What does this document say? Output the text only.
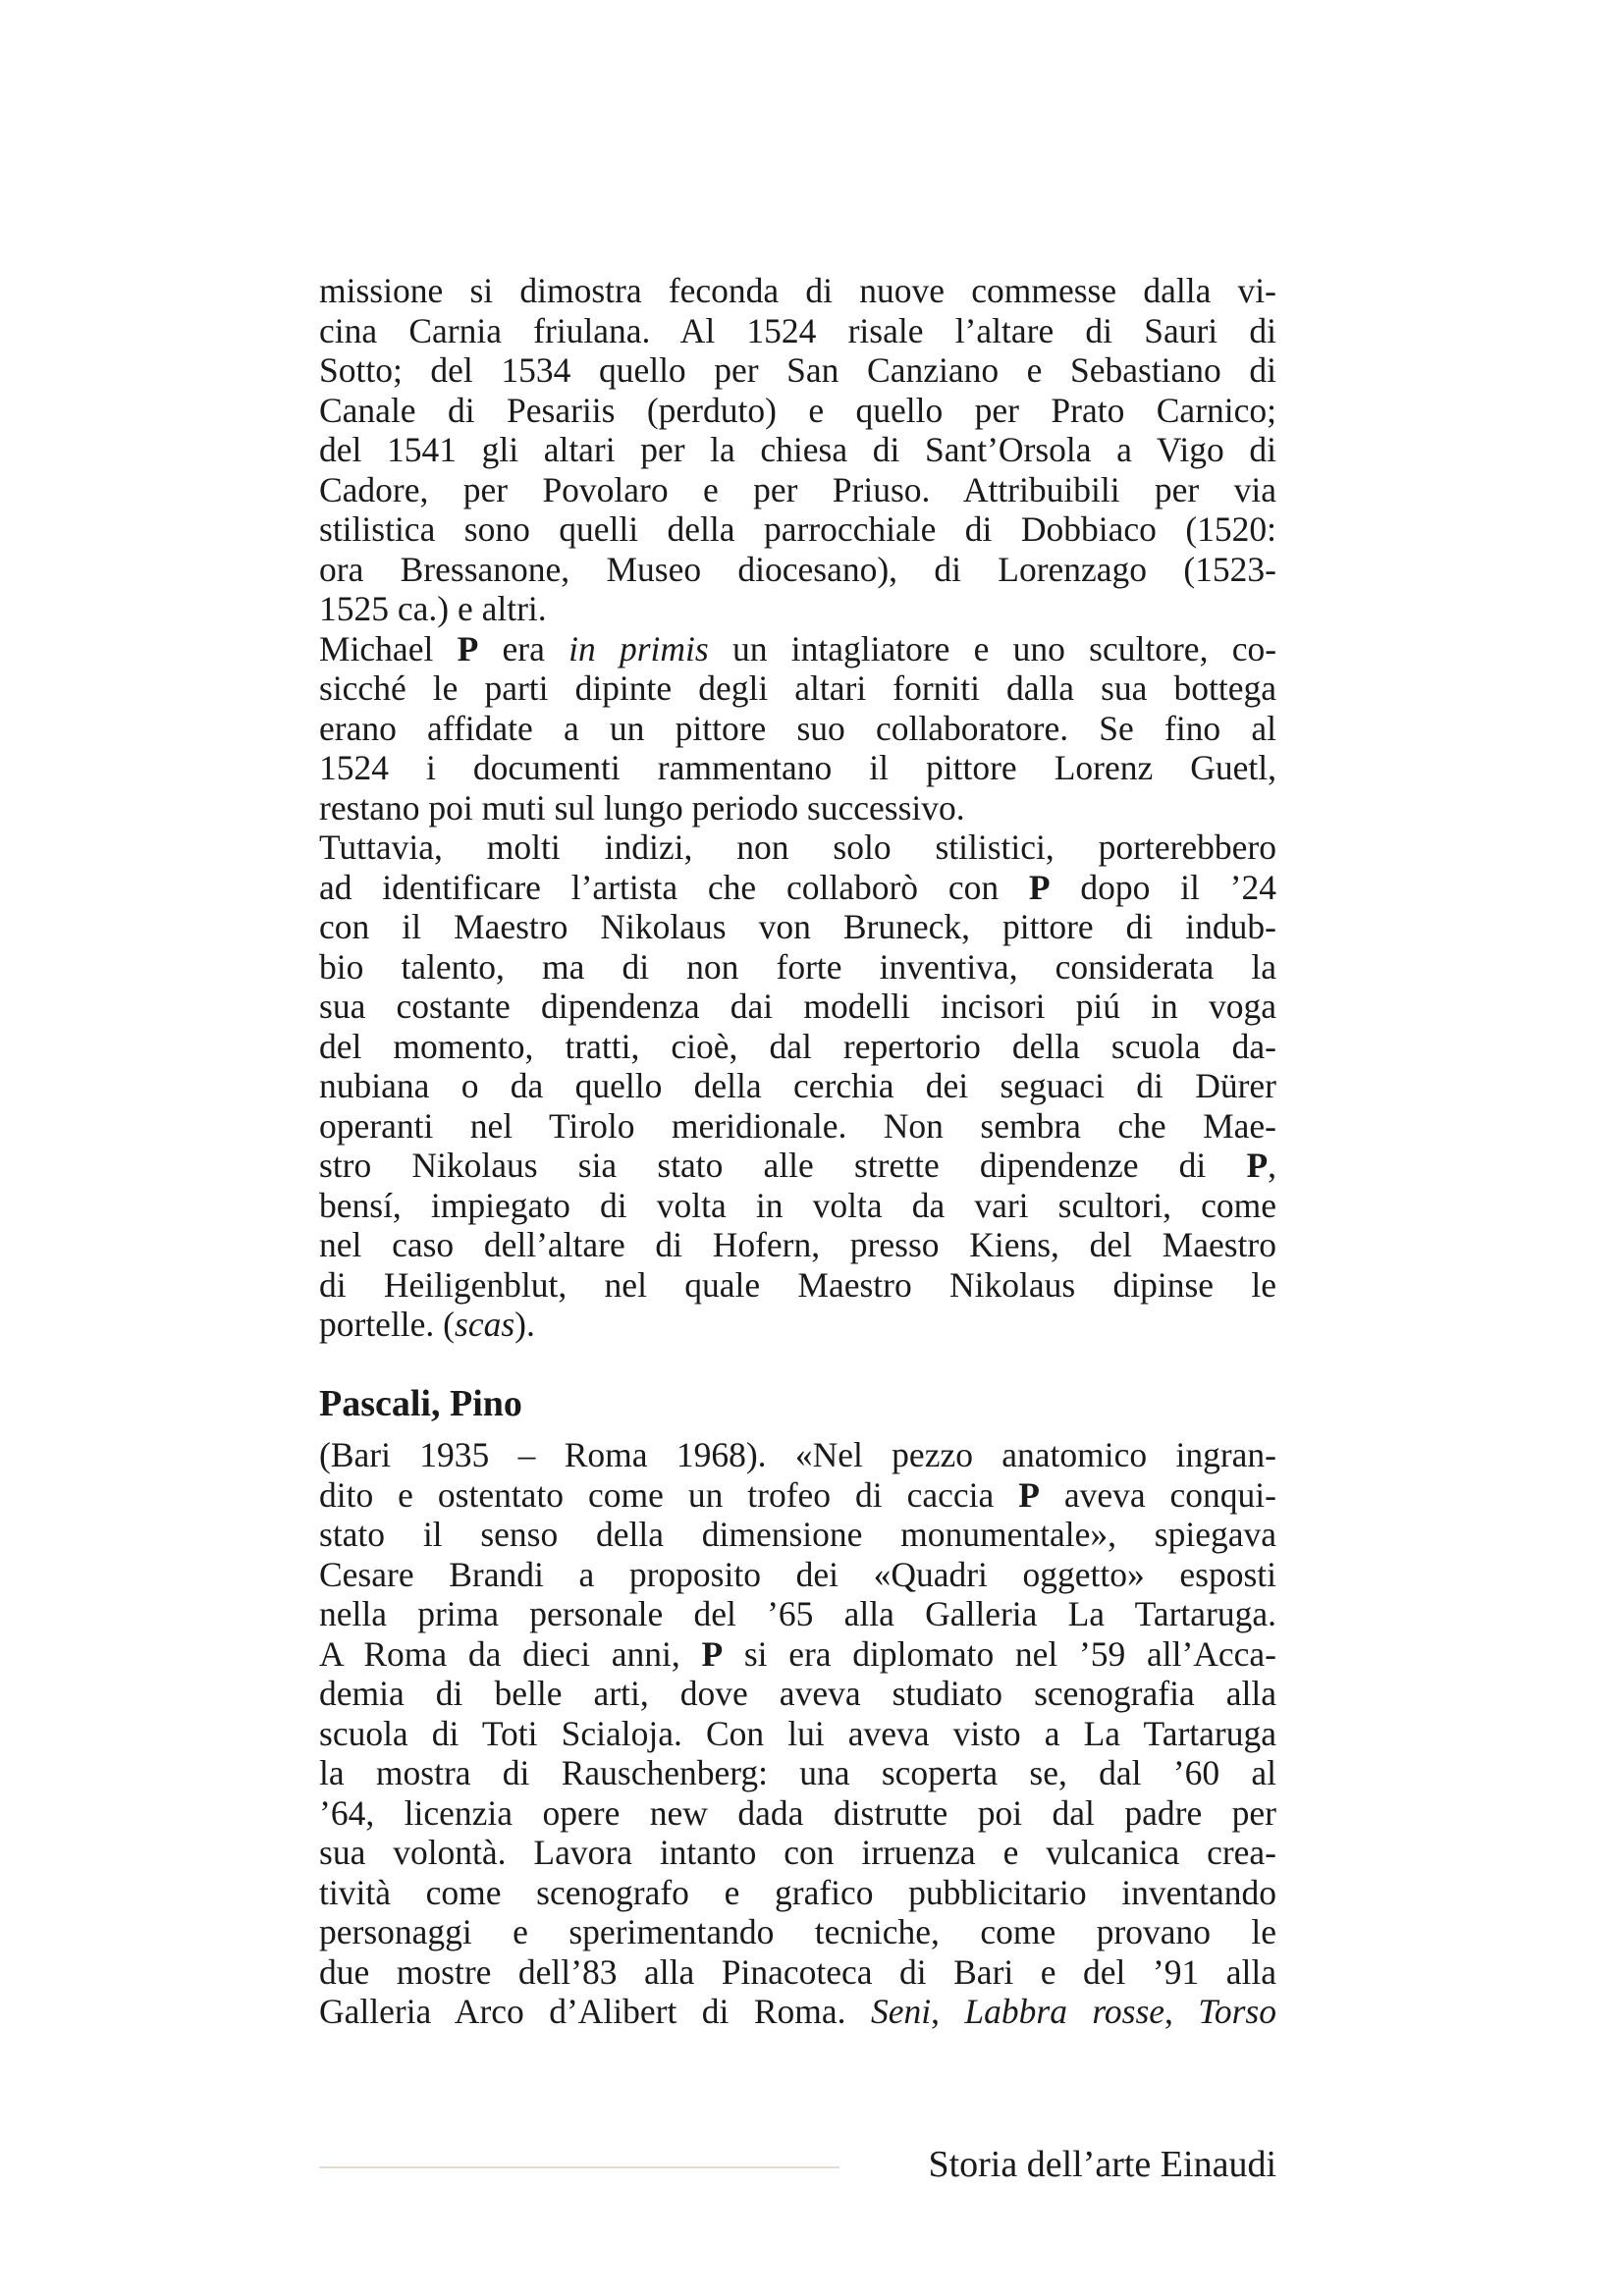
missione si dimostra feconda di nuove commesse dalla vi-
cina Carnia friulana. Al 1524 risale l’altare di Sauri di
Sotto; del 1534 quello per San Canziano e Sebastiano di
Canale di Pesariis (perduto) e quello per Prato Carnico;
del 1541 gli altari per la chiesa di Sant’Orsola a Vigo di
Cadore, per Povolaro e per Priuso. Attribuibili per via
stilistica sono quelli della parrocchiale di Dobbiaco (1520:
ora Bressanone, Museo diocesano), di Lorenzago (1523-
1525 ca.) e altri.
Michael P era in primis un intagliatore e uno scultore, co-
sicché le parti dipinte degli altari forniti dalla sua bottega
erano affidate a un pittore suo collaboratore. Se fino al
1524 i documenti rammentano il pittore Lorenz Guetl,
restano poi muti sul lungo periodo successivo.
Tuttavia, molti indizi, non solo stilistici, porterebbero
ad identificare l’artista che collaborò con P dopo il ’24
con il Maestro Nikolaus von Bruneck, pittore di indub-
bio talento, ma di non forte inventiva, considerata la
sua costante dipendenza dai modelli incisori piú in voga
del momento, tratti, cioè, dal repertorio della scuola da-
nubiana o da quello della cerchia dei seguaci di Dürer
operanti nel Tirolo meridionale. Non sembra che Mae-
stro Nikolaus sia stato alle strette dipendenze di P,
bensí, impiegato di volta in volta da vari scultori, come
nel caso dell’altare di Hofern, presso Kiens, del Maestro
di Heiligenblut, nel quale Maestro Nikolaus dipinse le
portelle. (scas).
Pascali, Pino
(Bari 1935 – Roma 1968). «Nel pezzo anatomico ingran-
dito e ostentato come un trofeo di caccia P aveva conqui-
stato il senso della dimensione monumentale», spiegava
Cesare Brandi a proposito dei «Quadri oggetto» esposti
nella prima personale del ’65 alla Galleria La Tartaruga.
A Roma da dieci anni, P si era diplomato nel ’59 all’Acca-
demia di belle arti, dove aveva studiato scenografia alla
scuola di Toti Scialoja. Con lui aveva visto a La Tartaruga
la mostra di Rauschenberg: una scoperta se, dal ’60 al
’64, licenzia opere new dada distrutte poi dal padre per
sua volontà. Lavora intanto con irruenza e vulcanica crea-
tività come scenografo e grafico pubblicitario inventando
personaggi e sperimentando tecniche, come provano le
due mostre dell’83 alla Pinacoteca di Bari e del ’91 alla
Galleria Arco d’Alibert di Roma. Seni, Labbra rosse, Torso
Storia dell’arte Einaudi
